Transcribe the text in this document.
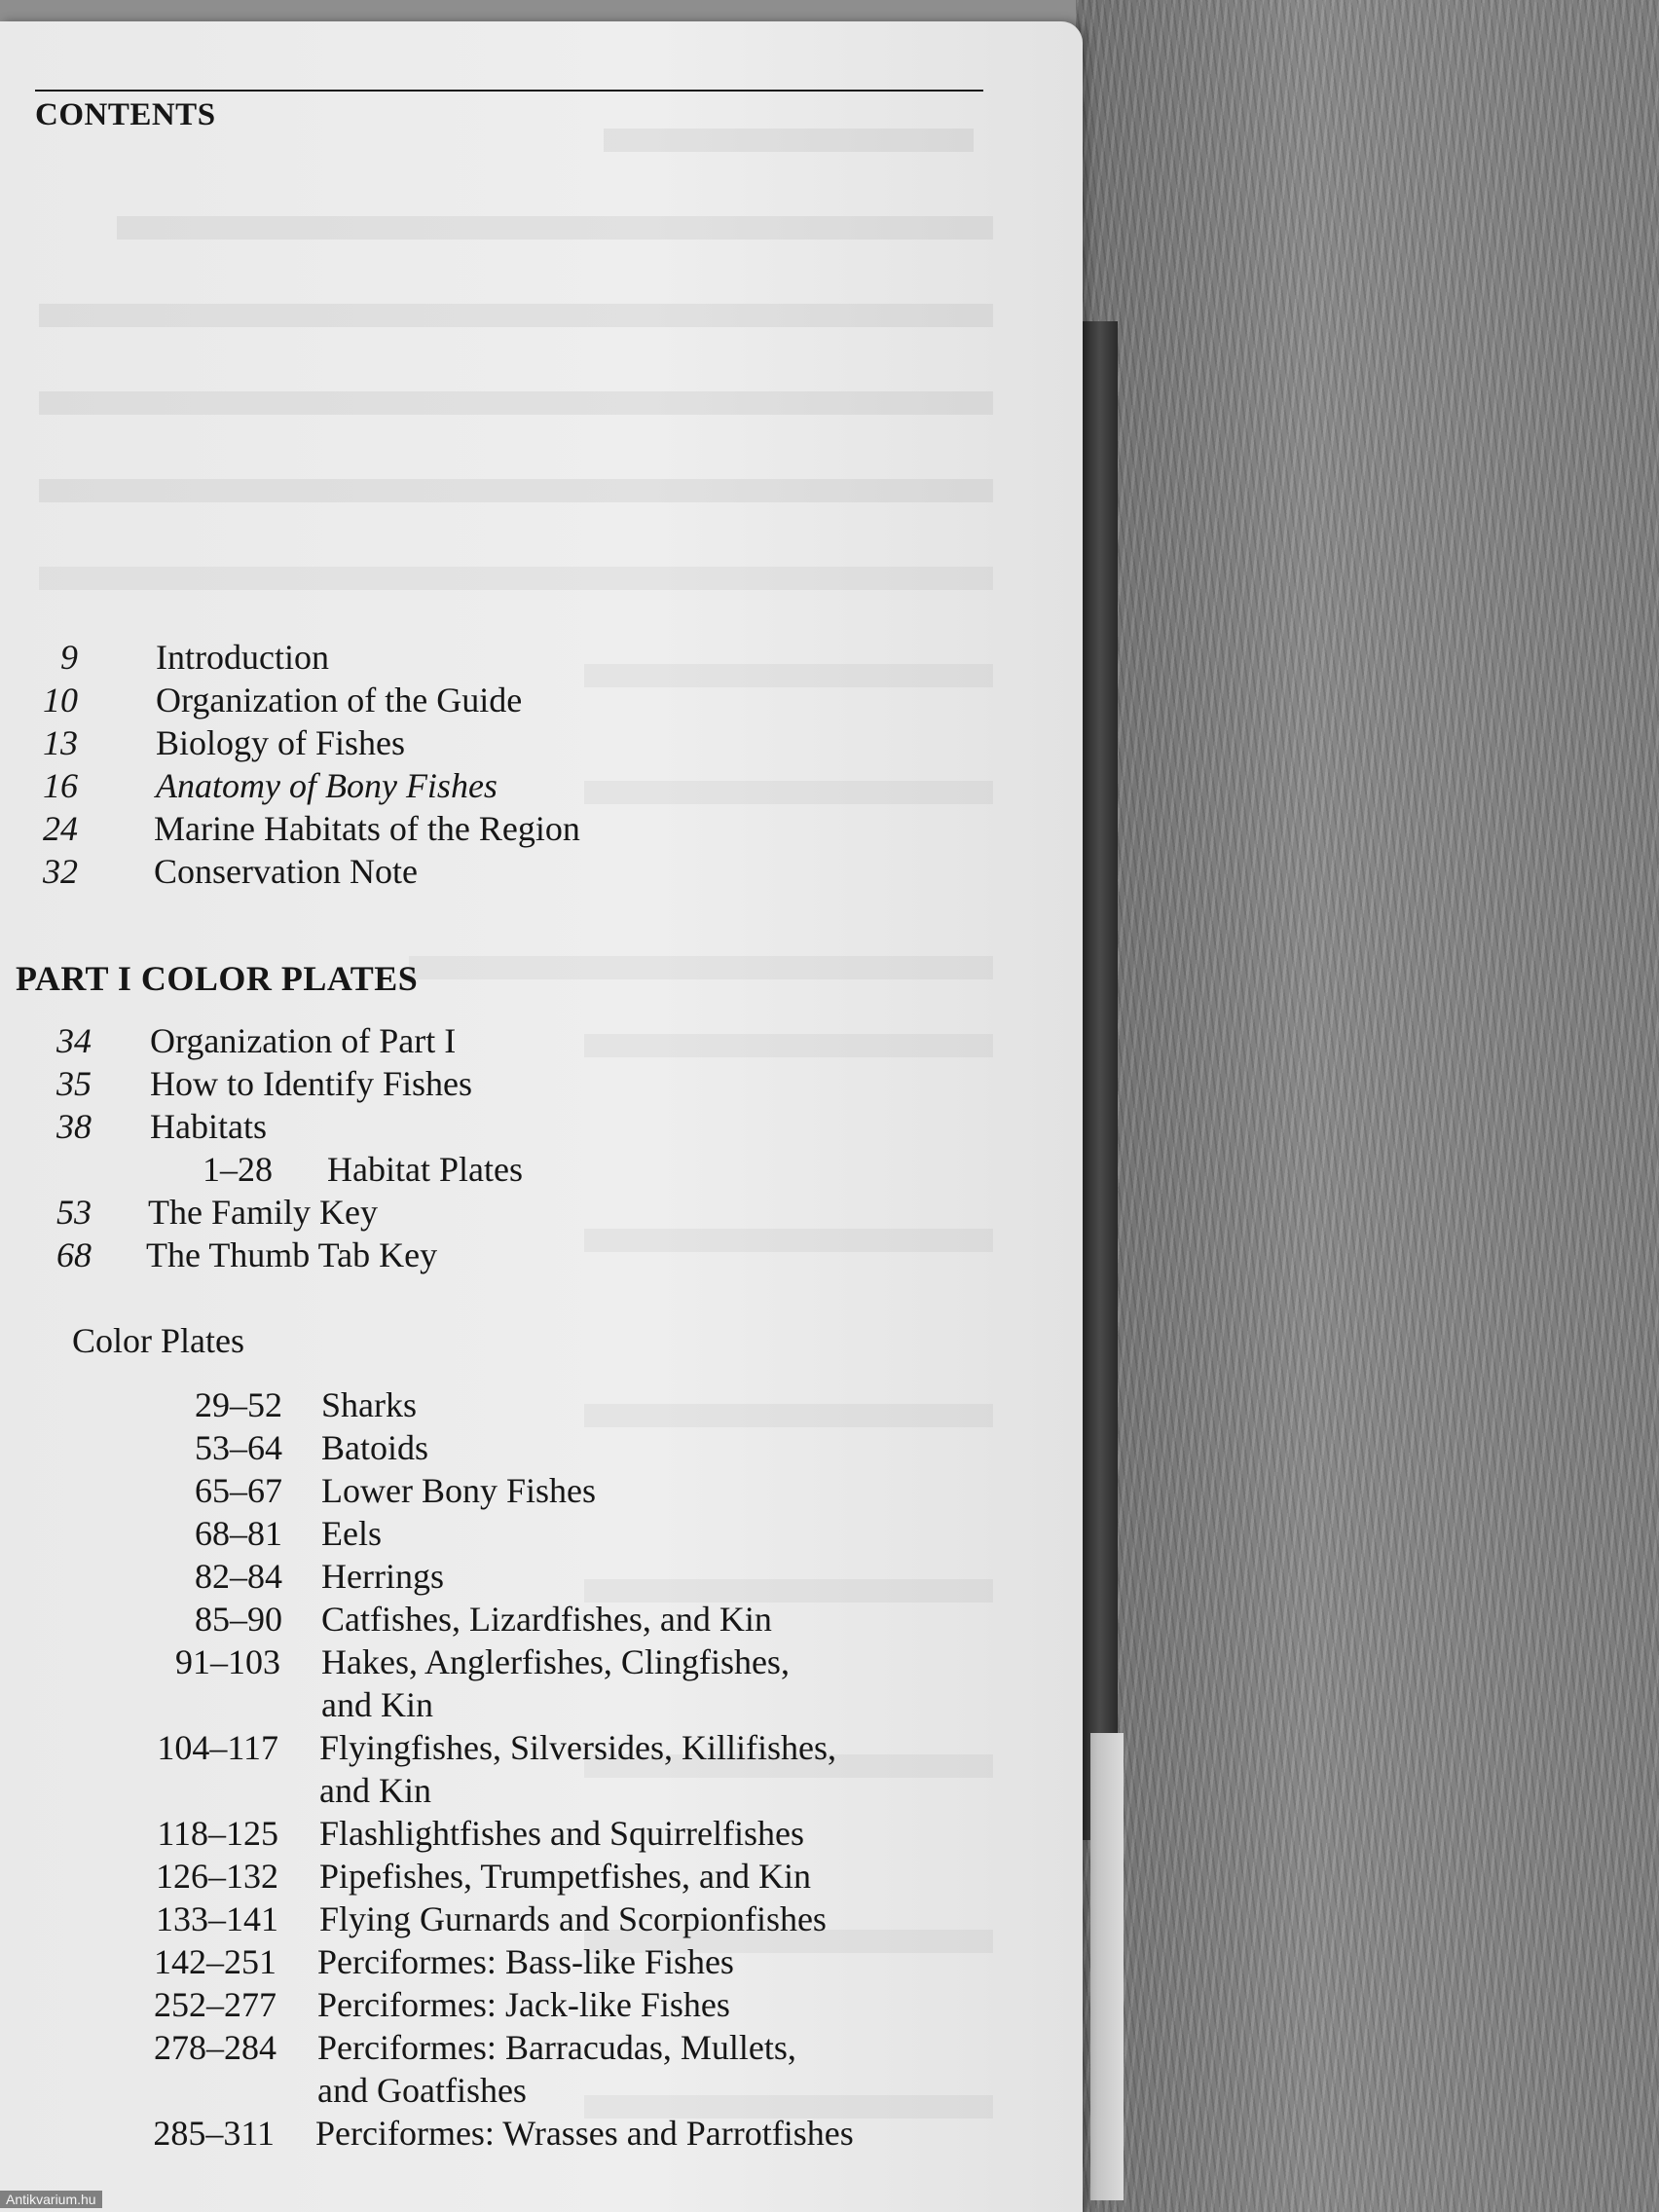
CONTENTS
9 Introduction
10 Organization of the Guide
13 Biology of Fishes
16 Anatomy of Bony Fishes
24 Marine Habitats of the Region
32 Conservation Note
PART I COLOR PLATES
34 Organization of Part I
35 How to Identify Fishes
38 Habitats
1–28 Habitat Plates
53 The Family Key
68 The Thumb Tab Key
Color Plates
29–52 Sharks
53–64 Batoids
65–67 Lower Bony Fishes
68–81 Eels
82–84 Herrings
85–90 Catfishes, Lizardfishes, and Kin
91–103 Hakes, Anglerfishes, Clingfishes,
and Kin
104–117 Flyingfishes, Silversides, Killifishes,
and Kin
118–125 Flashlightfishes and Squirrelfishes
126–132 Pipefishes, Trumpetfishes, and Kin
133–141 Flying Gurnards and Scorpionfishes
142–251 Perciformes: Bass-like Fishes
252–277 Perciformes: Jack-like Fishes
278–284 Perciformes: Barracudas, Mullets,
and Goatfishes
285–311 Perciformes: Wrasses and Parrotfishes
Antikvarium.hu
